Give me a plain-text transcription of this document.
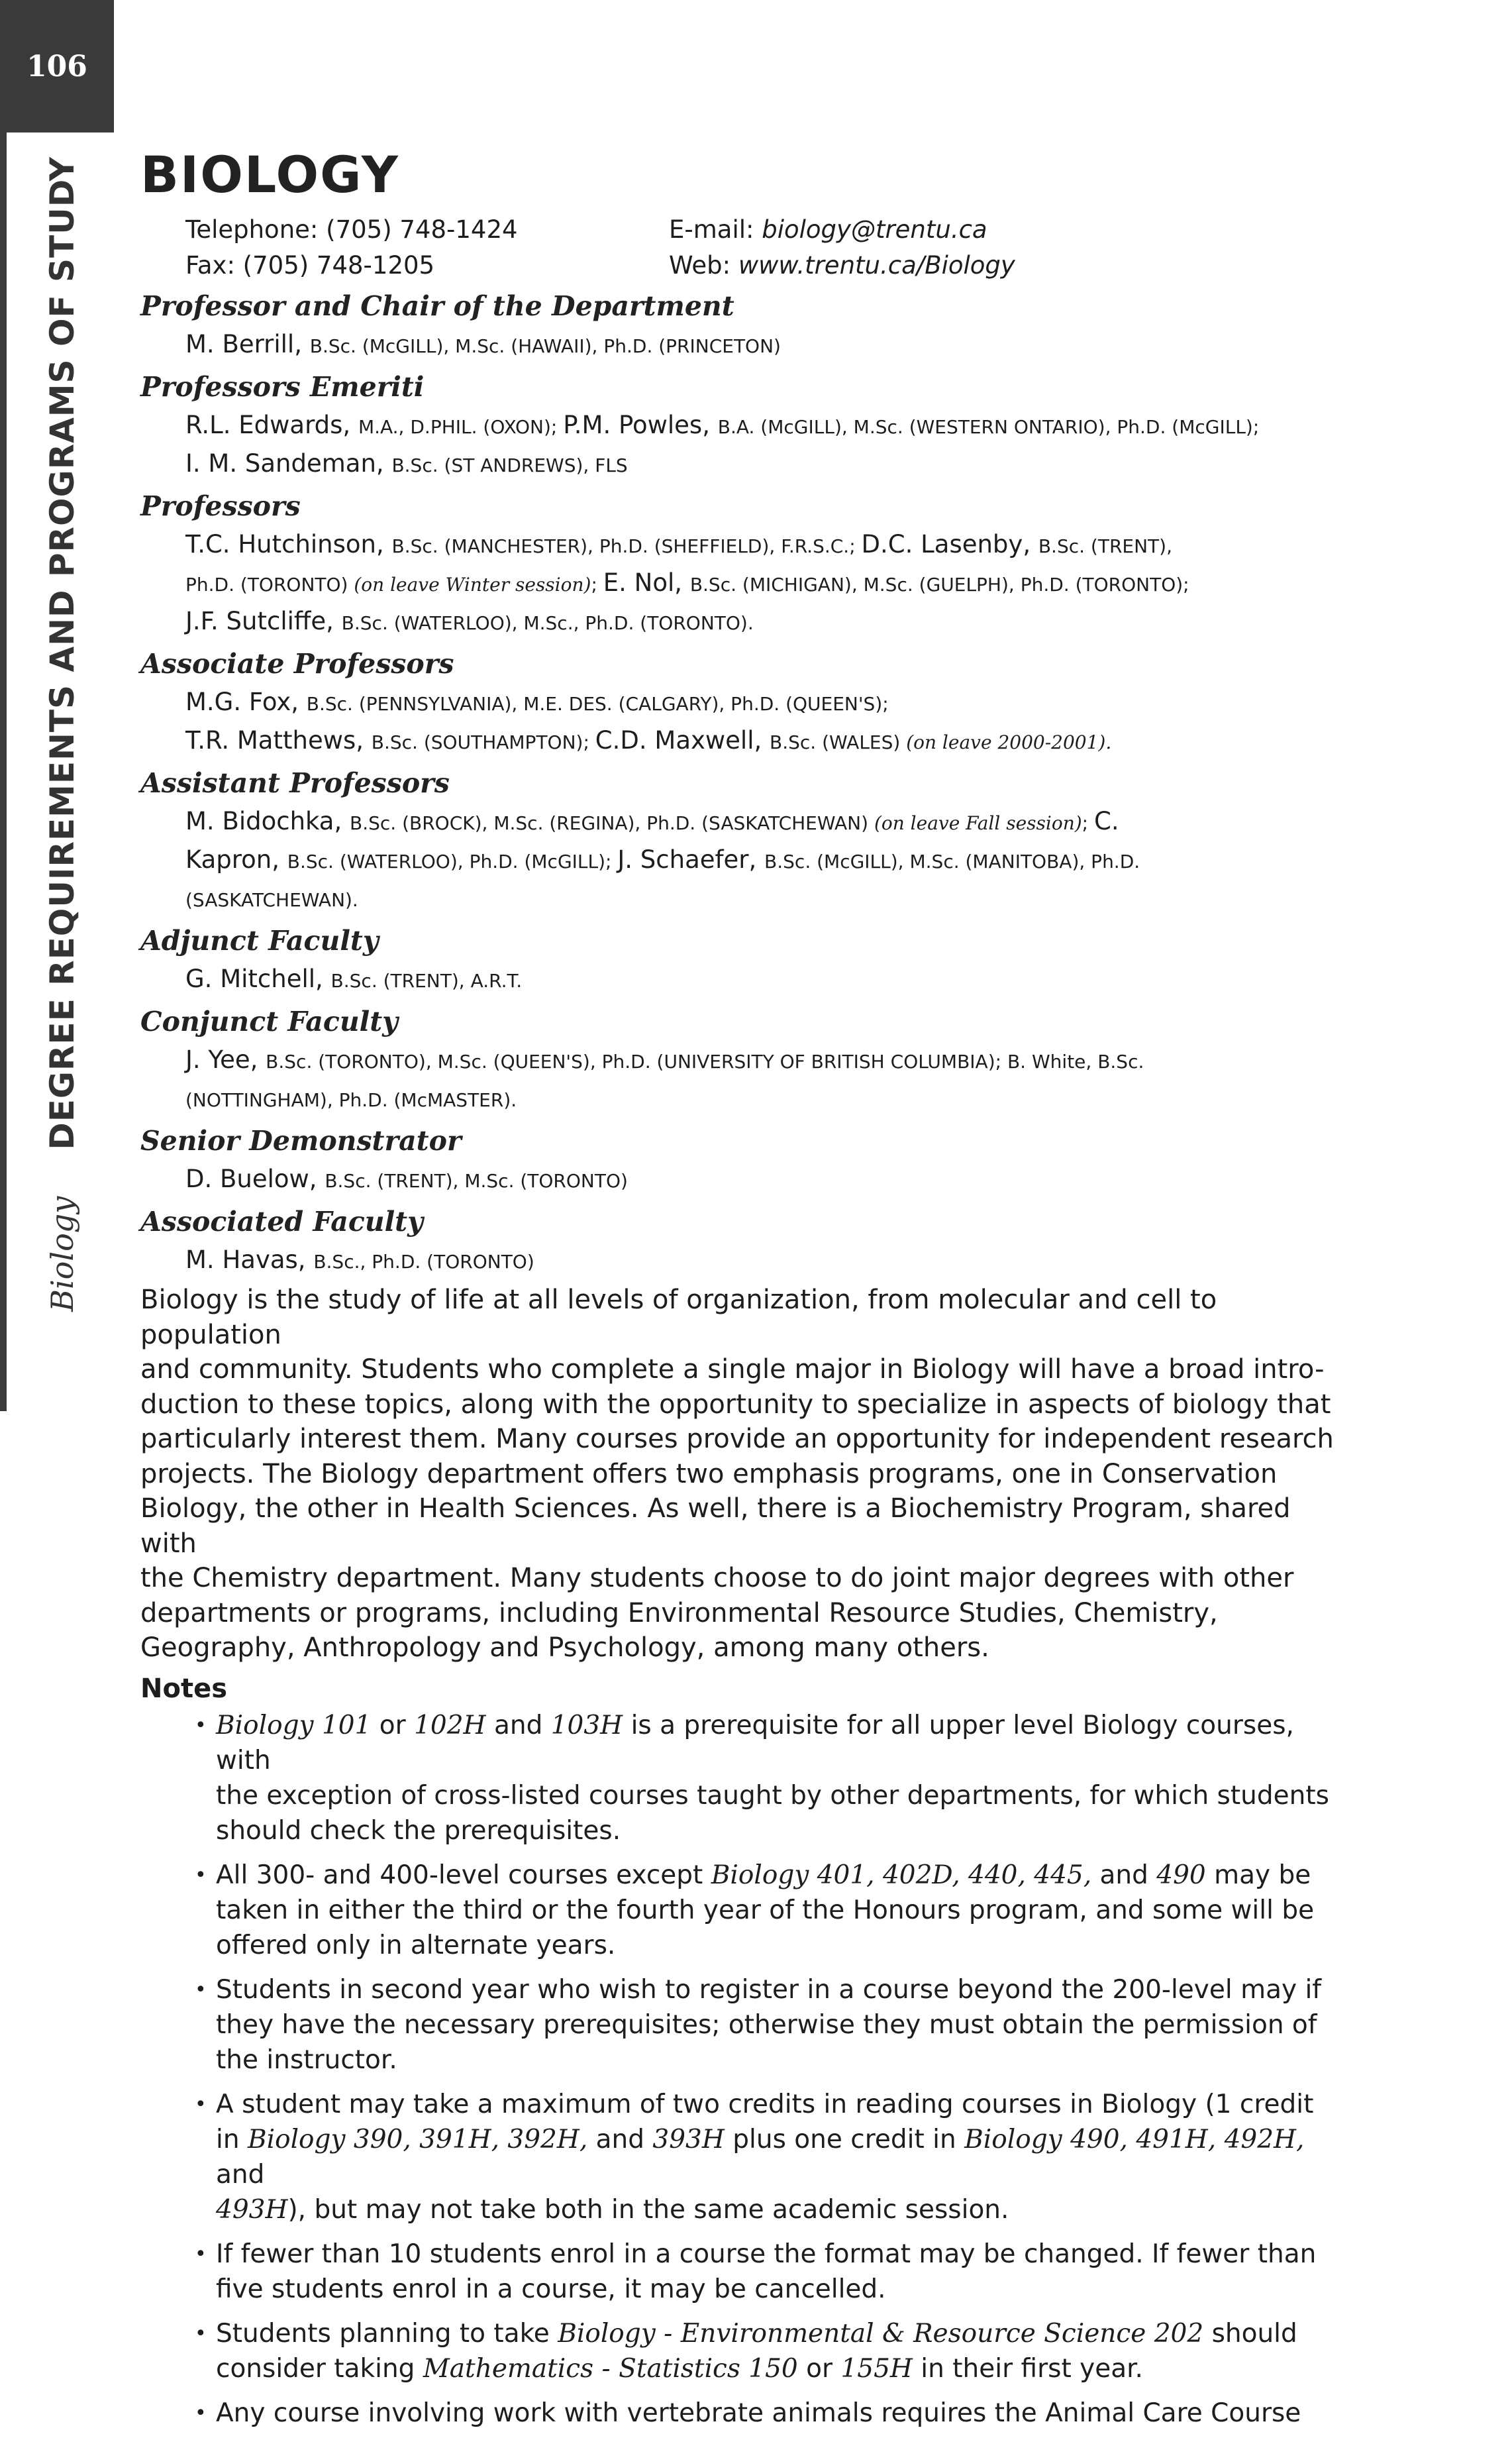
106
Biology
DEGREE REQUIREMENTS AND PROGRAMS OF STUDY BIOLOGY
Telephone: (705) 748-1424	E-mail: biology@trentu.ca
Fax: (705) 748-1205	Web: www.trentu.ca/Biology
Professor and Chair of the Department
M. Berrill, B.Sc. (McGILL), M.Sc. (HAWAII), Ph.D. (PRINCETON)
Professors Emeriti
R.L. Edwards, M.A., D.PHIL. (OXON); P.M. Powles, B.A. (McGILL), M.Sc. (WESTERN ONTARIO), Ph.D. (McGILL);
I. M. Sandeman, B.Sc. (ST ANDREWS), FLS
Professors
T.C. Hutchinson, B.Sc. (MANCHESTER), Ph.D. (SHEFFIELD), F.R.S.C.; D.C. Lasenby, B.Sc. (TRENT),
Ph.D. (TORONTO) (on leave Winter session); E. Nol, B.Sc. (MICHIGAN), M.Sc. (GUELPH), Ph.D. (TORONTO);
J.F. Sutcliffe, B.Sc. (WATERLOO), M.Sc., Ph.D. (TORONTO).
Associate Professors
M.G. Fox, B.Sc. (PENNSYLVANIA), M.E. DES. (CALGARY), Ph.D. (QUEEN'S);
T.R. Matthews, B.Sc. (SOUTHAMPTON); C.D. Maxwell, B.Sc. (WALES) (on leave 2000-2001).
Assistant Professors
M. Bidochka, B.Sc. (BROCK), M.Sc. (REGINA), Ph.D. (SASKATCHEWAN) (on leave Fall session); C.
Kapron, B.Sc. (WATERLOO), Ph.D. (McGILL); J. Schaefer, B.Sc. (McGILL), M.Sc. (MANITOBA), Ph.D.
(SASKATCHEWAN).
Adjunct Faculty
G. Mitchell, B.Sc. (TRENT), A.R.T.
Conjunct Faculty
J. Yee, B.Sc. (TORONTO), M.Sc. (QUEEN'S), Ph.D. (UNIVERSITY OF BRITISH COLUMBIA); B. White, B.Sc.
(NOTTINGHAM), Ph.D. (McMASTER).
Senior Demonstrator
D. Buelow, B.Sc. (TRENT), M.Sc. (TORONTO)
Associated Faculty
M. Havas, B.Sc., Ph.D. (TORONTO)
Biology is the study of life at all levels of organization, from molecular and cell to population
and community. Students who complete a single major in Biology will have a broad intro-
duction to these topics, along with the opportunity to specialize in aspects of biology that
particularly interest them. Many courses provide an opportunity for independent research
projects. The Biology department offers two emphasis programs, one in Conservation
Biology, the other in Health Sciences. As well, there is a Biochemistry Program, shared with
the Chemistry department. Many students choose to do joint major degrees with other
departments or programs, including Environmental Resource Studies, Chemistry,
Geography, Anthropology and Psychology, among many others.
Notes
• Biology 101 or 102H and 103H is a prerequisite for all upper level Biology courses, with
the exception of cross-listed courses taught by other departments, for which students
should check the prerequisites.
• All 300- and 400-level courses except Biology 401, 402D, 440, 445, and 490 may be
taken in either the third or the fourth year of the Honours program, and some will be
offered only in alternate years.
• Students in second year who wish to register in a course beyond the 200-level may if
they have the necessary prerequisites; otherwise they must obtain the permission of
the instructor.
• A student may take a maximum of two credits in reading courses in Biology (1 credit
in Biology 390, 391H, 392H, and 393H plus one credit in Biology 490, 491H, 492H, and
493H), but may not take both in the same academic session.
• If fewer than 10 students enrol in a course the format may be changed. If fewer than
five students enrol in a course, it may be cancelled.
• Students planning to take Biology - Environmental & Resource Science 202 should
consider taking Mathematics - Statistics 150 or 155H in their first year.
• Any course involving work with vertebrate animals requires the Animal Care Course
